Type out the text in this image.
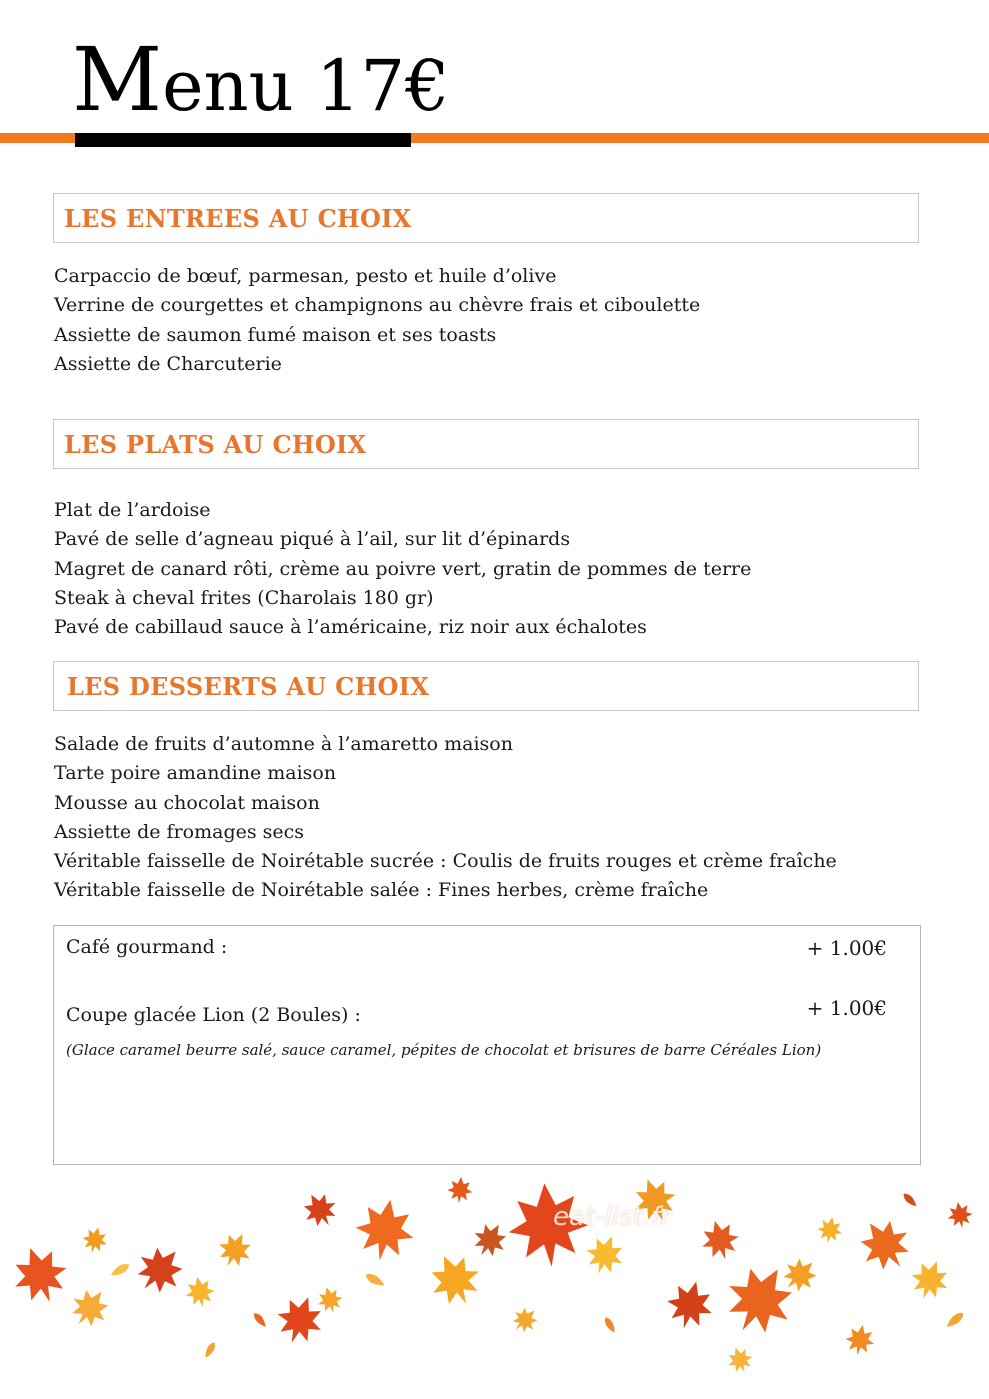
Menu 17€
LES ENTREES AU CHOIX
Carpaccio de bœuf, parmesan, pesto et huile d’olive
Verrine de courgettes et champignons au chèvre frais et ciboulette
Assiette de saumon fumé maison et ses toasts
Assiette de Charcuterie
LES PLATS AU CHOIX
Plat de l’ardoise
Pavé de selle d’agneau piqué à l’ail, sur lit d’épinards
Magret de canard rôti, crème au poivre vert, gratin de pommes de terre
Steak à cheval frites (Charolais 180 gr)
Pavé de cabillaud sauce à l’américaine, riz noir aux échalotes
LES DESSERTS AU CHOIX
Salade de fruits d’automne à l’amaretto maison
Tarte poire amandine maison
Mousse au chocolat maison
Assiette de fromages secs
Véritable faisselle de Noirétable sucrée : Coulis de fruits rouges et crème fraîche
Véritable faisselle de Noirétable salée : Fines herbes, crème fraîche
Café gourmand :	+ 1.00€
Coupe glacée Lion (2 Boules) :	+ 1.00€
(Glace caramel beurre salé, sauce caramel, pépites de chocolat et brisures de barre Céréales Lion)
eat-list.fr
